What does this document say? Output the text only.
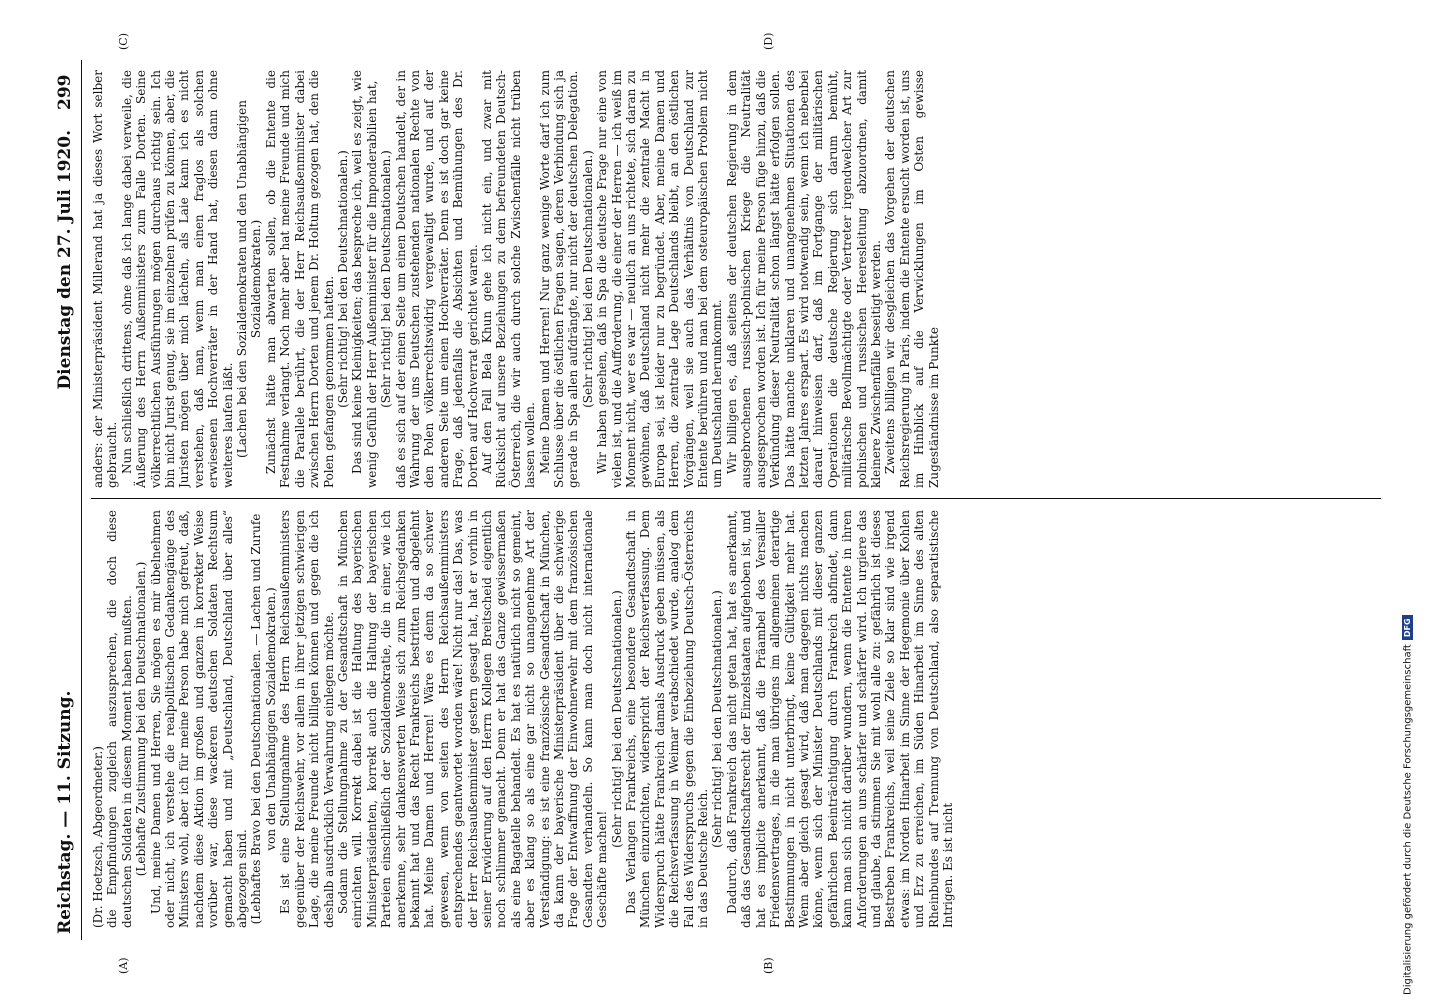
Reichstag. — 11. Sitzung.
Dienstag den 27. Juli 1920.
299
(A)	(B)
(C)	(D)

(Dr. Hoetzsch, Abgeordneter.) die Empfindungen zugleich auszusprechen, die doch diese deutschen Soldaten in diesem Moment haben mußten. (Lebhafte Zustimmung bei den Deutschnationalen.) Und, meine Damen und Herren, Sie mögen es mir übelnehmen oder nicht, ich verstehe die realpolitischen Gedankengänge des Ministers wohl, aber ich für meine Person habe mich gefreut, daß, nachdem diese Aktion im großen und ganzen in korrekter Weise vorüber war, diese wackeren deutschen Soldaten Rechtsum gemacht haben und mit „Deutschland, Deutschland über alles“ abgezogen sind. (Lebhaftes Bravo bei den Deutschnationalen. — Lachen und Zurufe von den Unabhängigen Sozialdemokraten.) Es ist eine Stellungnahme des Herrn Reichsaußenministers gegenüber der Reichswehr, vor allem in ihrer jetzigen schwierigen Lage, die meine Freunde nicht billigen können und gegen die ich deshalb ausdrücklich Verwahrung einlegen möchte. Sodann die Stellungnahme zu der Gesandtschaft in München einrichten will. Korrekt dabei ist die Haltung des bayerischen Ministerpräsidenten, korrekt auch die Haltung der bayerischen Parteien einschließlich der Sozialdemokratie, die in einer, wie ich anerkenne, sehr dankenswerten Weise sich zum Reichsgedanken bekannt hat und das Recht Frankreichs bestritten und abgelehnt hat. Meine Damen und Herren! Wäre es denn da so schwer gewesen, wenn von seiten des Herrn Reichsaußenministers entsprechendes geantwortet worden wäre! Nicht nur das! Das, was der Herr Reichsaußenminister gestern gesagt hat, hat er vorhin in seiner Erwiderung auf den Herrn Kollegen Breitscheid eigentlich noch schlimmer gemacht. Denn er hat das Ganze gewissermaßen als eine Bagatelle behandelt. Es hat es natürlich nicht so gemeint, aber es klang so als eine gar nicht so unangenehme Art der Verständigung: es ist eine französische Gesandtschaft in München, da kann der bayerische Ministerpräsident über die schwierige Frage der Entwaffnung der Einwohnerwehr mit dem französischen Gesandten verhandeln. So kann man doch nicht internationale Geschäfte machen!

(Sehr richtig! bei den Deutschnationalen.) Das Verlangen Frankreichs, eine besondere Gesandtschaft in München einzurichten, widerspricht der Reichsverfassung. Dem Widerspruch hätte Frankreich damals Ausdruck geben müssen, als die Reichsverfassung in Weimar verabschiedet wurde, analog dem Fall des Widerspruchs gegen die Einbeziehung Deutsch-Österreichs in das Deutsche Reich.

(Sehr richtig! bei den Deutschnationalen.) Dadurch, daß Frankreich das nicht getan hat, hat es anerkannt, daß das Gesandtschaftsrecht der Einzelstaaten aufgehoben ist, und hat es implicite anerkannt, daß die Präambel des Versailler Friedensvertrages, in die man übrigens im allgemeinen derartige Bestimmungen in nicht unterbringt, keine Gültigkeit mehr hat. Wenn aber gleich gesagt wird, daß man dagegen nichts machen könne, wenn sich der Minister Deutschlands mit dieser ganzen gefährlichen Beeinträchtigung durch Frankreich abfindet, dann kann man sich nicht darüber wundern, wenn die Entente in ihren Anforderungen an uns schärfer und schärfer wird. Ich urgiere das und glaube, da stimmen Sie mit wohl alle zu: gefährlich ist dieses Bestreben Frankreichs, weil seine Ziele so klar sind wie irgend etwas: im Norden Hinarbeit im Sinne der Hegemonie über Kohlen und Erz zu erreichen, im Süden Hinarbeit im Sinne des alten Rheinbundes auf Trennung von Deutschland, also separatistische Intrigen. Es ist nicht

anders: der Ministerpräsident Millerand hat ja dieses Wort selber gebraucht. Nun schließlich drittens, ohne daß ich lange dabei verweile, die Äußerung des Herrn Außenministers zum Falle Dorten. Seine völkerrechtlichen Ausführungen mögen durchaus richtig sein. Ich bin nicht Jurist genug, sie im einzelnen prüfen zu können, aber, die Juristen mögen über mich lächeln, als Laie kann ich es nicht verstehen, daß man, wenn man einen fraglos als solchen erwiesenen Hochverräter in der Hand hat, diesen dann ohne weiteres laufen läßt. (Lachen bei den Sozialdemokraten und den Unabhängigen Sozialdemokraten.) Zunächst hätte man abwarten sollen, ob die Entente die Festnahme verlangt. Noch mehr aber hat meine Freunde und mich die Parallele berührt, die der Herr Reichsaußenminister dabei zwischen Herrn Dorten und jenem Dr. Holtum gezogen hat, den die Polen gefangen genommen hatten. (Sehr richtig! bei den Deutschnationalen.) Das sind keine Kleinigkeiten; das bespreche ich, weil es zeigt, wie wenig Gefühl der Herr Außenminister für die Imponderabilien hat, (Sehr richtig! bei den Deutschnationalen.) daß es sich auf der einen Seite um einen Deutschen handelt, der in Wahrung der uns Deutschen zustehenden nationalen Rechte von den Polen völkerrechtswidrig vergewaltigt wurde, und auf der anderen Seite um einen Hochverräter. Denn es ist doch gar keine Frage, daß jedenfalls die Absichten und Bemühungen des Dr. Dorten auf Hochverrat gerichtet waren. Auf den Fall Bela Khun gehe ich nicht ein, und zwar mit Rücksicht auf unsere Beziehungen zu dem befreundeten Deutsch-Österreich, die wir auch durch solche Zwischenfälle nicht trüben lassen wollen. Meine Damen und Herren! Nur ganz wenige Worte darf ich zum Schlusse über die östlichen Fragen sagen, deren Verbindung sich ja gerade in Spa allen aufdrängte, nur nicht der deutschen Delegation. (Sehr richtig! bei den Deutschnationalen.) Wir haben gesehen, daß in Spa die deutsche Frage nur eine von vielen ist, und die Aufforderung, die einer der Herren — ich weiß im Moment nicht, wer es war — neulich an uns richtete, sich daran zu gewöhnen, daß Deutschland nicht mehr die zentrale Macht in Europa sei, ist leider nur zu begründet. Aber, meine Damen und Herren, die zentrale Lage Deutschlands bleibt, an den östlichen Vorgängen, weil sie auch das Verhältnis von Deutschland zur Entente berühren und man bei dem osteuropäischen Problem nicht um Deutschland herumkommt. Wir billigen es, daß seitens der deutschen Regierung in dem ausgebrochenen russisch-polnischen Kriege die Neutralität ausgesprochen worden ist. Ich für meine Person füge hinzu, daß die Verkündung dieser Neutralität schon längst hätte erfolgen sollen. Das hätte manche unklaren und unangenehmen Situationen des letzten Jahres erspart. Es wird notwendig sein, wenn ich nebenbei darauf hinweisen darf, daß im Fortgange der militärischen Operationen die deutsche Regierung sich darum bemüht, militärische Bevollmächtigte oder Vertreter irgendwelcher Art zur polnischen und russischen Heeresleitung abzuordnen, damit kleinere Zwischenfälle beseitigt werden. Zweitens billigen wir desgleichen das Vorgehen der deutschen Reichsregierung in Paris, indem die Entente ersucht worden ist, uns im Hinblick auf die Verwicklungen im Osten gewisse Zugeständnisse im Punkte

Digitalisierung gefördert durch die Deutsche ForschungsgemeinschaftDFG
